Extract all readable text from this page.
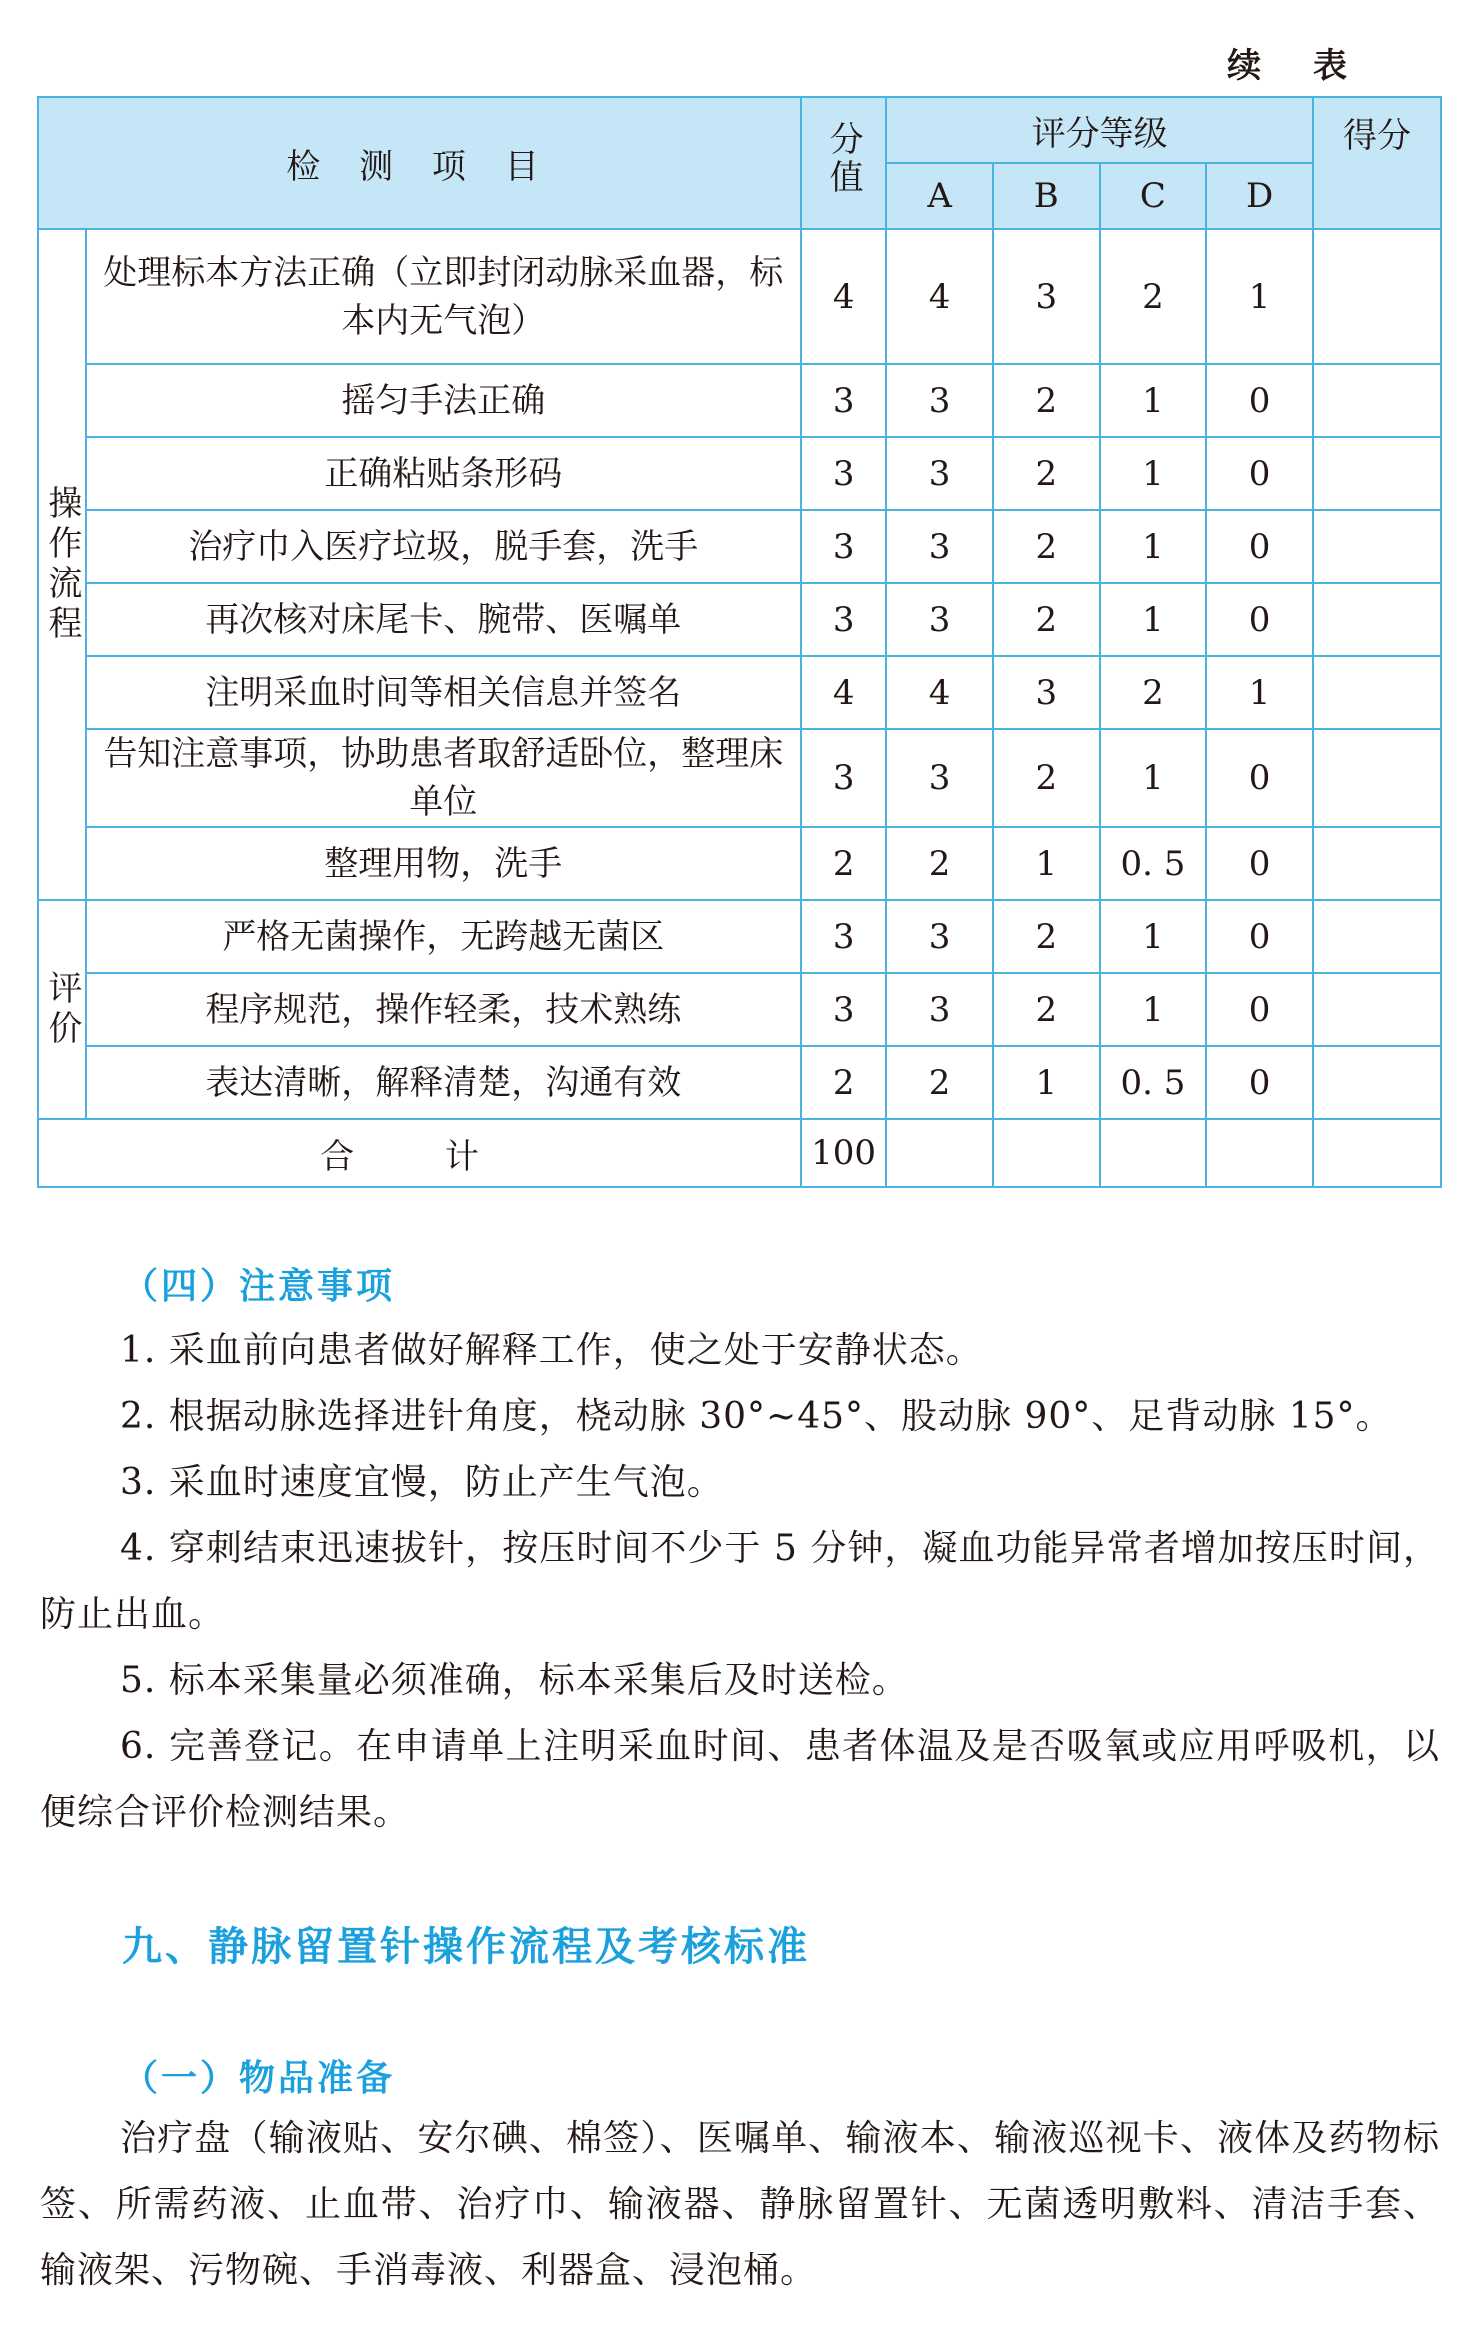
续 表
检 测 项 目		分值	评分等级				得分
			A	B	C	D	
操作流程	处理标本方法正确（立即封闭动脉采血器，标本内无气泡）	4	4	3	2	1	
	摇匀手法正确	3	3	2	1	0	
	正确粘贴条形码	3	3	2	1	0	
	治疗巾入医疗垃圾，脱手套，洗手	3	3	2	1	0	
	再次核对床尾卡、腕带、医嘱单	3	3	2	1	0	
	注明采血时间等相关信息并签名	4	4	3	2	1	
	告知注意事项，协助患者取舒适卧位，整理床单位	3	3	2	1	0	
	整理用物，洗手	2	2	1	0. 5	0	
评价	严格无菌操作，无跨越无菌区	3	3	2	1	0	
	程序规范，操作轻柔，技术熟练	3	3	2	1	0	
	表达清晰，解释清楚，沟通有效	2	2	1	0. 5	0	
合 计		100					
（四）注意事项
1. 采血前向患者做好解释工作，使之处于安静状态。
2. 根据动脉选择进针角度，桡动脉 30°~45°、股动脉 90°、足背动脉 15°。
3. 采血时速度宜慢，防止产生气泡。
4. 穿刺结束迅速拔针，按压时间不少于 5 分钟，凝血功能异常者增加按压时间，防止出血。
5. 标本采集量必须准确，标本采集后及时送检。
6. 完善登记。在申请单上注明采血时间、患者体温及是否吸氧或应用呼吸机，以便综合评价检测结果。
九、静脉留置针操作流程及考核标准
（一）物品准备
治疗盘（输液贴、安尔碘、棉签）、医嘱单、输液本、输液巡视卡、液体及药物标签、所需药液、止血带、治疗巾、输液器、静脉留置针、无菌透明敷料、清洁手套、输液架、污物碗、手消毒液、利器盒、浸泡桶。
